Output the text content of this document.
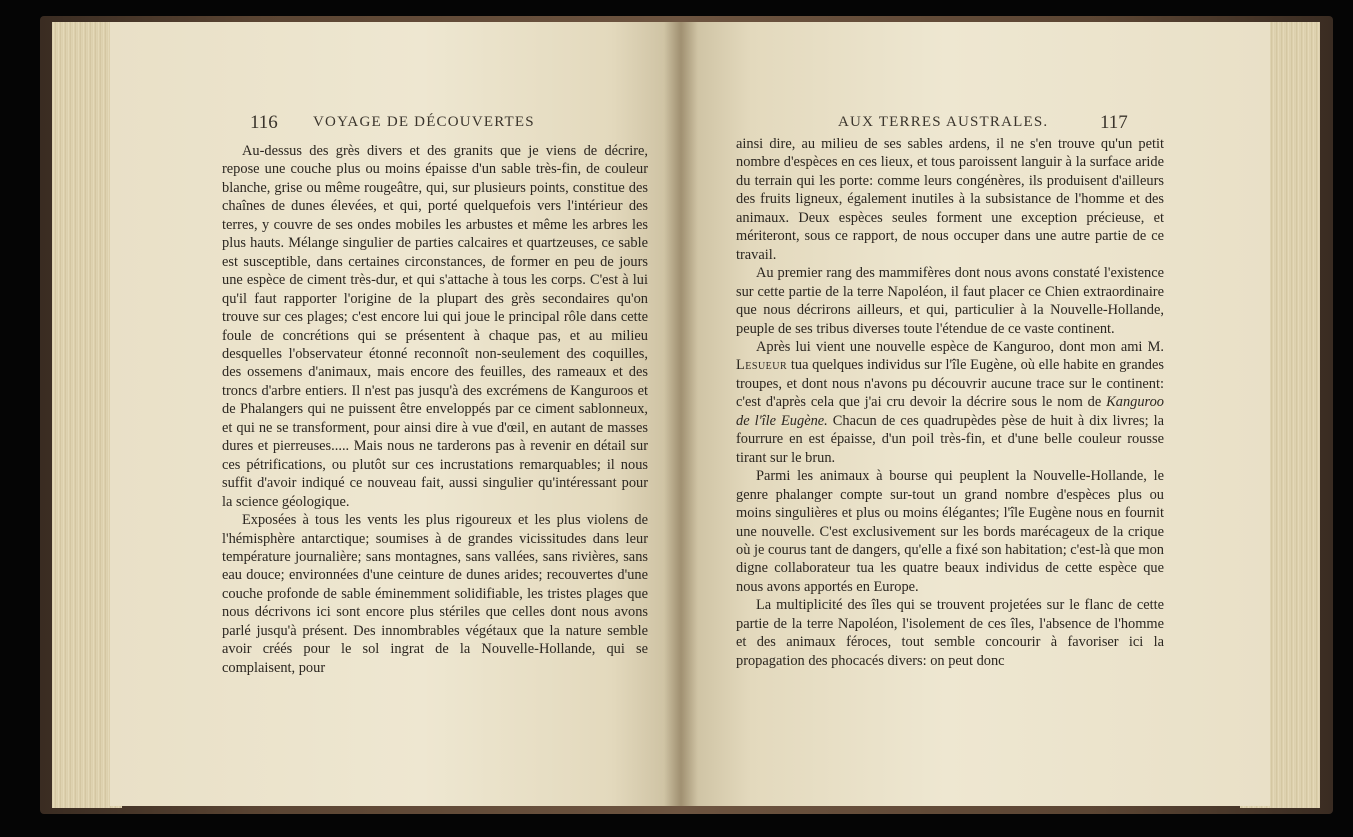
116 VOYAGE DE DÉCOUVERTES

Au-dessus des grès divers et des granits que je viens de décrire, repose une couche plus ou moins épaisse d'un sable très-fin, de couleur blanche, grise ou même rougeâtre, qui, sur plusieurs points, constitue des chaînes de dunes élevées, et qui, porté quelquefois vers l'intérieur des terres, y couvre de ses ondes mobiles les arbustes et même les arbres les plus hauts. Mélange singulier de parties calcaires et quartzeuses, ce sable est susceptible, dans certaines circonstances, de former en peu de jours une espèce de ciment très-dur, et qui s'attache à tous les corps. C'est à lui qu'il faut rapporter l'origine de la plupart des grès secondaires qu'on trouve sur ces plages; c'est encore lui qui joue le principal rôle dans cette foule de concrétions qui se présentent à chaque pas, et au milieu desquelles l'observateur étonné reconnoît non-seulement des coquilles, des ossemens d'animaux, mais encore des feuilles, des rameaux et des troncs d'arbre entiers. Il n'est pas jusqu'à des excrémens de Kanguroos et de Phalangers qui ne puissent être enveloppés par ce ciment sablonneux, et qui ne se transforment, pour ainsi dire à vue d'œil, en autant de masses dures et pierreuses..... Mais nous ne tarderons pas à revenir en détail sur ces pétrifications, ou plutôt sur ces incrustations remarquables; il nous suffit d'avoir indiqué ce nouveau fait, aussi singulier qu'intéressant pour la science géologique.

Exposées à tous les vents les plus rigoureux et les plus violens de l'hémisphère antarctique; soumises à de grandes vicissitudes dans leur température journalière; sans montagnes, sans vallées, sans rivières, sans eau douce; environnées d'une ceinture de dunes arides; recouvertes d'une couche profonde de sable éminemment solidifiable, les tristes plages que nous décrivons ici sont encore plus stériles que celles dont nous avons parlé jusqu'à présent. Des innombrables végétaux que la nature semble avoir créés pour le sol ingrat de la Nouvelle-Hollande, qui se complaisent, pour

AUX TERRES AUSTRALES.	117

ainsi dire, au milieu de ses sables ardens, il ne s'en trouve qu'un petit nombre d'espèces en ces lieux, et tous paroissent languir à la surface aride du terrain qui les porte: comme leurs congénères, ils produisent d'ailleurs des fruits ligneux, également inutiles à la subsistance de l'homme et des animaux. Deux espèces seules forment une exception précieuse, et mériteront, sous ce rapport, de nous occuper dans une autre partie de ce travail.

Au premier rang des mammifères dont nous avons constaté l'existence sur cette partie de la terre Napoléon, il faut placer ce Chien extraordinaire que nous décrirons ailleurs, et qui, particulier à la Nouvelle-Hollande, peuple de ses tribus diverses toute l'étendue de ce vaste continent.

Après lui vient une nouvelle espèce de Kanguroo, dont mon ami M. Lesueur tua quelques individus sur l'île Eugène, où elle habite en grandes troupes, et dont nous n'avons pu découvrir aucune trace sur le continent: c'est d'après cela que j'ai cru devoir la décrire sous le nom de Kanguroo de l'île Eugène. Chacun de ces quadrupèdes pèse de huit à dix livres; la fourrure en est épaisse, d'un poil très-fin, et d'une belle couleur rousse tirant sur le brun.

Parmi les animaux à bourse qui peuplent la Nouvelle-Hollande, le genre phalanger compte sur-tout un grand nombre d'espèces plus ou moins singulières et plus ou moins élégantes; l'île Eugène nous en fournit une nouvelle. C'est exclusivement sur les bords marécageux de la crique où je courus tant de dangers, qu'elle a fixé son habitation; c'est-là que mon digne collaborateur tua les quatre beaux individus de cette espèce que nous avons apportés en Europe.

La multiplicité des îles qui se trouvent projetées sur le flanc de cette partie de la terre Napoléon, l'isolement de ces îles, l'absence de l'homme et des animaux féroces, tout semble concourir à favoriser ici la propagation des phocacés divers: on peut donc
